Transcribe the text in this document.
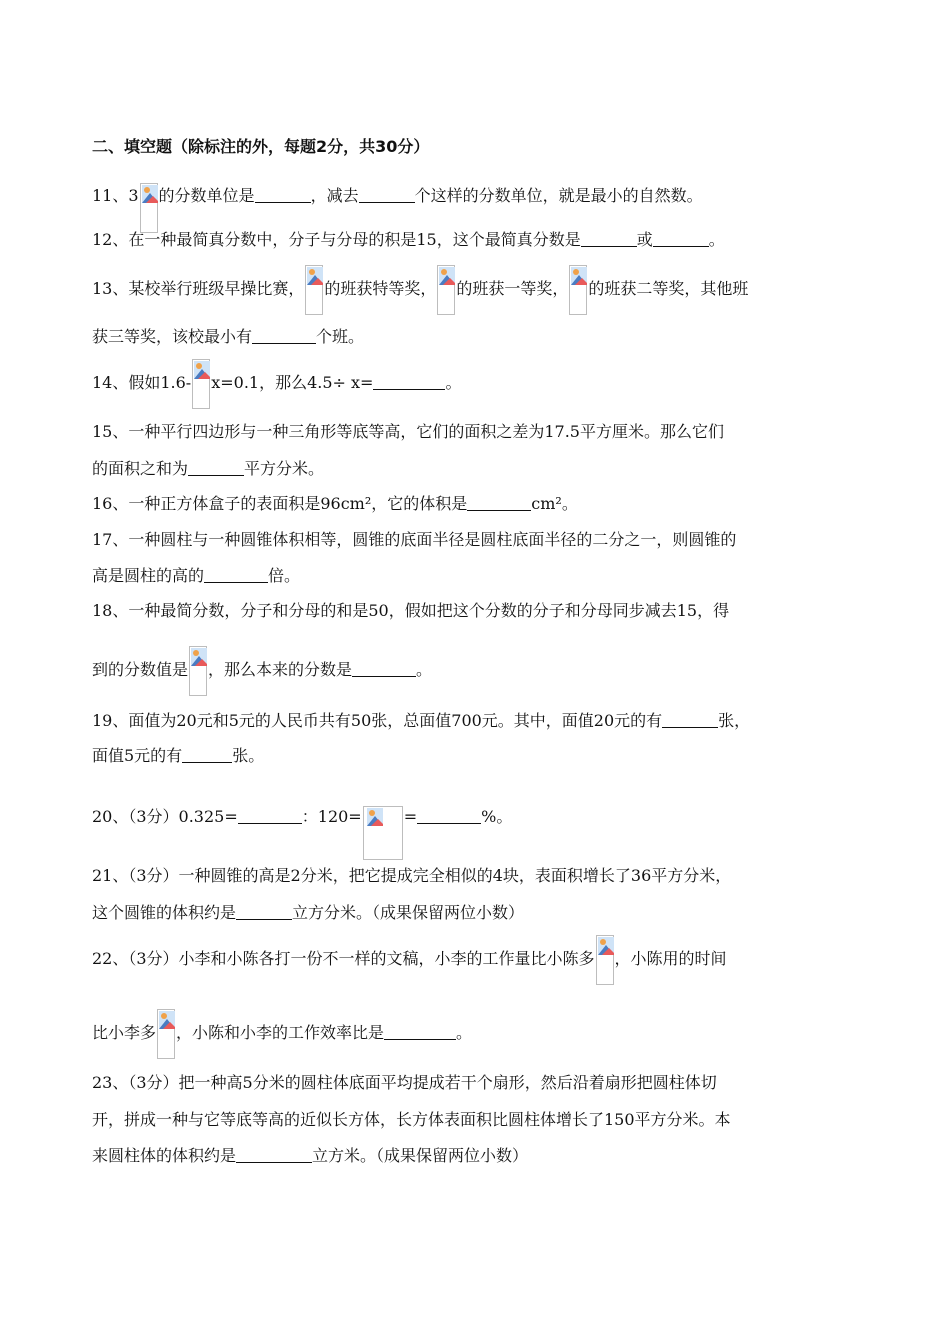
二、填空题（除标注的外，每题2分，共30分）
11、3 的分数单位是	，减去	个这样的分数单位，就是最小的自然数。
12、在一种最简真分数中，分子与分母的积是15，这个最简真分数是	或	。
13、某校举行班级早操比赛， 的班获特等奖， 的班获一等奖， 的班获二等奖，其他班
获三等奖，该校最小有	个班。
14、假如1.6- x=0.1，那么4.5÷ x=	。
15、一种平行四边形与一种三角形等底等高，它们的面积之差为17.5平方厘米。那么它们
的面积之和为	平方分米。
16、一种正方体盒子的表面积是96cm²，它的体积是	cm²。
17、一种圆柱与一种圆锥体积相等，圆锥的底面半径是圆柱底面半径的二分之一，则圆锥的
高是圆柱的高的	倍。
18、一种最简分数，分子和分母的和是50，假如把这个分数的分子和分母同步减去15，得
到的分数值是 ，那么本来的分数是	。
19、面值为20元和5元的人民币共有50张，总面值700元。其中，面值20元的有	张，
面值5元的有	张。
20、（3分）0.325=	：120=	=	%。
21、（3分）一种圆锥的高是2分米，把它提成完全相似的4块，表面积增长了36平方分米，
这个圆锥的体积约是	立方分米。（成果保留两位小数）
22、（3分）小李和小陈各打一份不一样的文稿，小李的工作量比小陈多 ，小陈用的时间
比小李多 ，小陈和小李的工作效率比是	。
23、（3分）把一种高5分米的圆柱体底面平均提成若干个扇形，然后沿着扇形把圆柱体切
开，拼成一种与它等底等高的近似长方体，长方体表面积比圆柱体增长了150平方分米。本
来圆柱体的体积约是	立方米。（成果保留两位小数）
